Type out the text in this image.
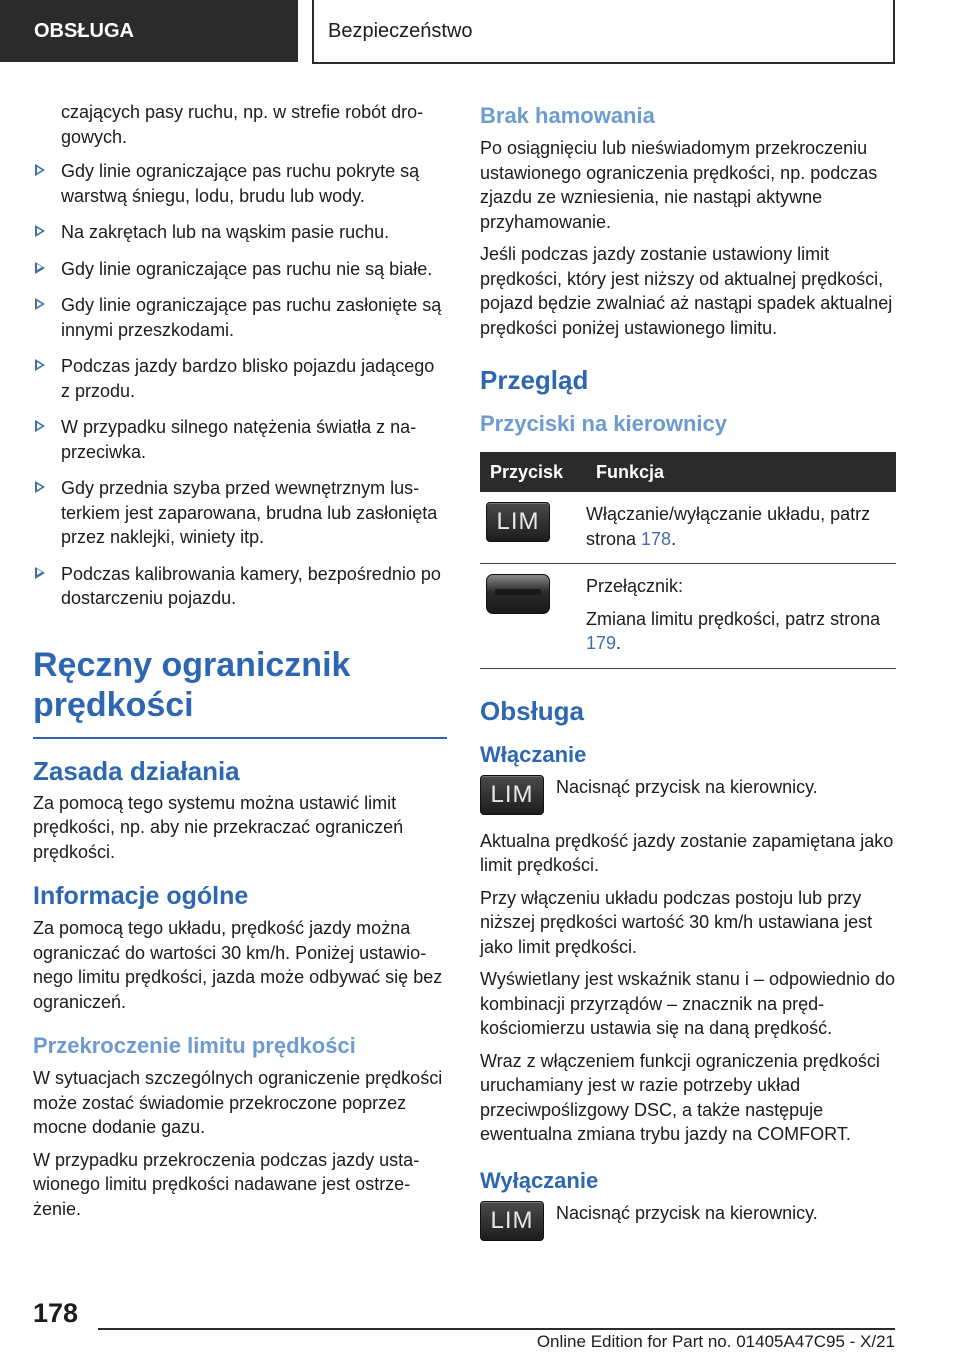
OBSŁUGA	Bezpieczeństwo

czających pasy ruchu, np. w strefie robót drogowych.

Gdy linie ograniczające pas ruchu pokryte są warstwą śniegu, lodu, brudu lub wody.
Na zakrętach lub na wąskim pasie ruchu.
Gdy linie ograniczające pas ruchu nie są białe.
Gdy linie ograniczające pas ruchu zasłonięte są innymi przeszkodami.
Podczas jazdy bardzo blisko pojazdu jadącego z przodu.
W przypadku silnego natężenia światła z naprzeciwka.
Gdy przednia szyba przed wewnętrznym lusterkiem jest zaparowana, brudna lub zasłonięta przez naklejki, winiety itp.
Podczas kalibrowania kamery, bezpośrednio po dostarczeniu pojazdu.
Ręczny ogranicznik prędkości
Zasada działania

Za pomocą tego systemu można ustawić limit prędkości, np. aby nie przekraczać ograniczeń prędkości.

Informacje ogólne

Za pomocą tego układu, prędkość jazdy można ograniczać do wartości 30 km/h. Poniżej ustawionego limitu prędkości, jazda może odbywać się bez ograniczeń.

Przekroczenie limitu prędkości

W sytuacjach szczególnych ograniczenie prędkości może zostać świadomie przekroczone poprzez mocne dodanie gazu.

W przypadku przekroczenia podczas jazdy ustawionego limitu prędkości nadawane jest ostrzeżenie.

Brak hamowania

Po osiągnięciu lub nieświadomym przekroczeniu ustawionego ograniczenia prędkości, np. podczas zjazdu ze wzniesienia, nie nastąpi aktywne przyhamowanie.

Jeśli podczas jazdy zostanie ustawiony limit prędkości, który jest niższy od aktualnej prędkości, pojazd będzie zwalniać aż nastąpi spadek aktualnej prędkości poniżej ustawionego limitu.

Przegląd
Przyciski na kierownicy
Przycisk	Funkcja
LIM	Włączanie/wyłączanie układu, patrz strona 178.

	Przełącznik:

Zmiana limitu prędkości, patrz strona 179.

Obsługa
Włączanie
LIM	Nacisnąć przycisk na kierownicy.

Aktualna prędkość jazdy zostanie zapamiętana jako limit prędkości.

Przy włączeniu układu podczas postoju lub przy niższej prędkości wartość 30 km/h ustawiana jest jako limit prędkości.

Wyświetlany jest wskaźnik stanu i – odpowiednio do kombinacji przyrządów – znacznik na prędkościomierzu ustawia się na daną prędkość.

Wraz z włączeniem funkcji ograniczenia prędkości uruchamiany jest w razie potrzeby układ przeciwpoślizgowy DSC, a także następuje ewentualna zmiana trybu jazdy na COMFORT.

Wyłączanie
LIM	Nacisnąć przycisk na kierownicy.

178
Online Edition for Part no. 01405A47C95 - X/21
